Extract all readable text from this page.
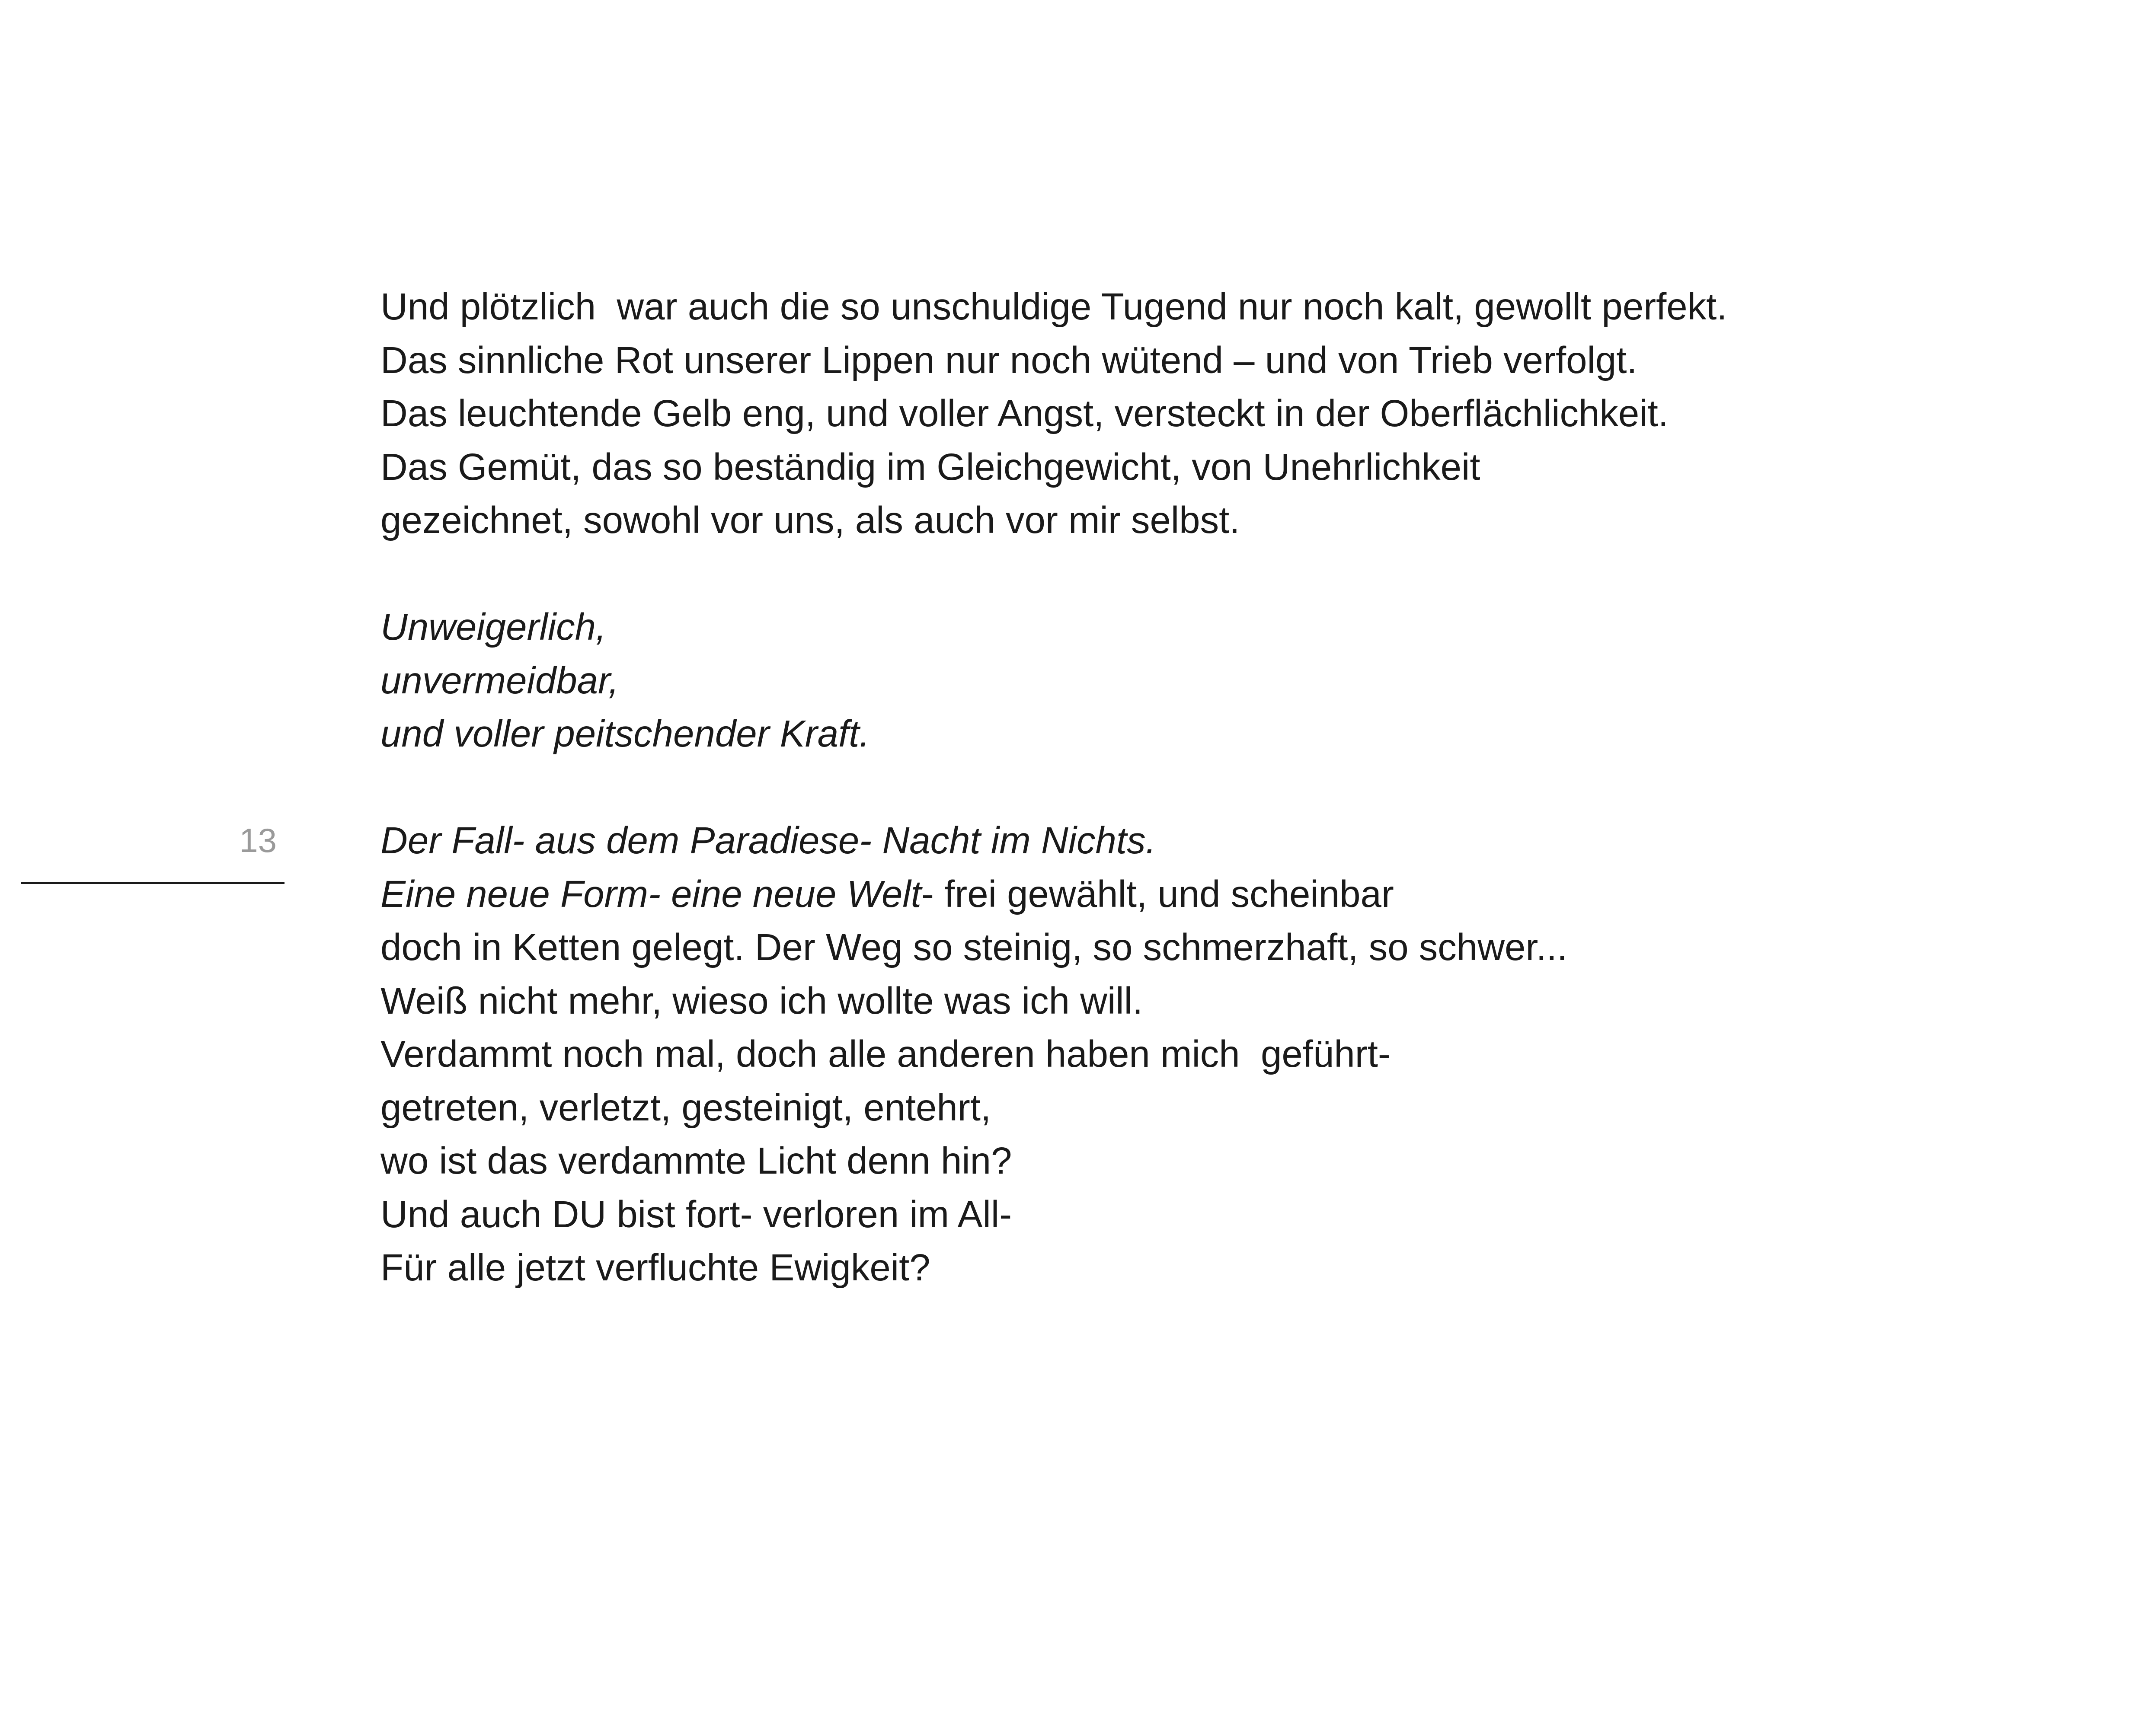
13
Und plötzlich  war auch die so unschuldige Tugend nur noch kalt, gewollt perfekt.
Das sinnliche Rot unserer Lippen nur noch wütend – und von Trieb verfolgt.
Das leuchtende Gelb eng, und voller Angst, versteckt in der Oberflächlichkeit.
Das Gemüt, das so beständig im Gleichgewicht, von Unehrlichkeit
gezeichnet, sowohl vor uns, als auch vor mir selbst.
Unweigerlich,
unvermeidbar,
und voller peitschender Kraft.
Der Fall- aus dem Paradiese- Nacht im Nichts.
Eine neue Form- eine neue Welt- frei gewählt, und scheinbar
doch in Ketten gelegt. Der Weg so steinig, so schmerzhaft, so schwer...
Weiß nicht mehr, wieso ich wollte was ich will.
Verdammt noch mal, doch alle anderen haben mich  geführt-
getreten, verletzt, gesteinigt, entehrt,
wo ist das verdammte Licht denn hin?
Und auch DU bist fort- verloren im All-
Für alle jetzt verfluchte Ewigkeit?
